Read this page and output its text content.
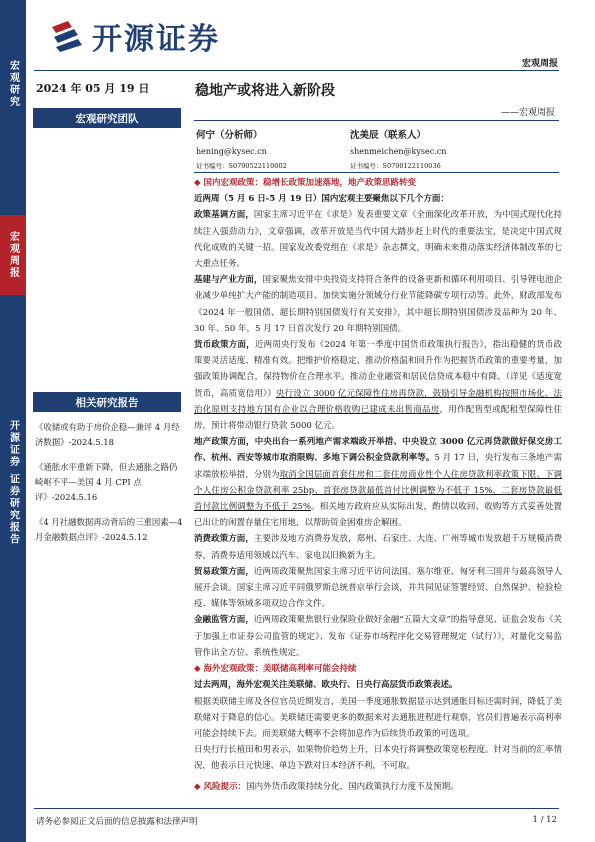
宏观研究
宏观周报
开源证券 证券研究报告
开源证券
宏观周报
2024 年 05 月 19 日
宏观研究团队
相关研究报告
《收储或有助于房价企稳—兼评 4 月经济数据》-2024.5.18
《通胀水平重新下降，但去通胀之路仍崎岖不平—美国 4 月 CPI 点评》-2024.5.16
《4 月社融数据再动背后的三重因素—4 月金融数据点评》-2024.5.12
稳地产或将进入新阶段
——宏观周报
何宁（分析师）
hening@kysec.cn
证书编号：S0790522110002
沈美辰（联系人）
shenmeichen@kysec.cn
证书编号：S0790122110036

◆ 国内宏观政策：稳增长政策加速落地，地产政策思路转变

近两周（5 月 6 日-5 月 19 日）国内宏观主要聚焦以下几个方面：

政策基调方面，国家主席习近平在《求是》发表重要文章《全面深化改革开放，为中国式现代化持续注入强劲动力》，文章强调，改革开放是当代中国大踏步赶上时代的重要法宝，是决定中国式现代化成败的关键一招。国家发改委党组在《求是》杂志撰文，明确未来推动落实经济体制改革的七大重点任务。

基建与产业方面，国家聚焦安排中央投资支持符合条件的设备更新和循环利用项目、引导锂电池企业减少单纯扩大产能的制造项目、加快实施分领域分行业节能降碳专项行动等。此外，财政部发布《2024 年一般国债、超长期特别国债发行有关安排》，其中超长期特别国债涉及品种为 20 年、30 年、50 年，5 月 17 日首次发行 20 年期特别国债。

货币政策方面，近两周央行发布《2024 年第一季度中国货币政策执行报告》，指出稳健的货币政策要灵活适度、精准有效。把维护价格稳定、推动价格温和回升作为把握货币政策的重要考量，加强政策协调配合，保持物价在合理水平。推动企业融资和居民信贷成本稳中有降。（详见《适度宽货币，高质宽信用》）央行设立 3000 亿元保障性住房再贷款，鼓励引导金融机构按照市场化、法治化原则支持地方国有企业以合理价格收购已建成未出售商品房，用作配售型或配租型保障性住房，预计将带动银行贷款 5000 亿元。

地产政策方面，中央出台一系列地产需求端政开举措、中央设立 3000 亿元再贷款做好保交房工作、杭州、西安等城市取消限购、多地下调公积金贷款利率等。5 月 17 日，央行发布三条地产需求端放松举措，分别为取消全国层面首套住房和二套住房商业性个人住房贷款利率政策下限、下调个人住房公积金贷款利率 25bp、首套房贷款最低首付比例调整为不低于 15%，二套房贷款最低首付款比例调整为不低于 25%。相关地方政府应从实际出发，酌情以收回、收购等方式妥善处置已出让的闲置存量住宅用地，以帮助资金困难房企解困。

消费政策方面，主要涉及地方消费券发放，郑州、石家庄、大连、广州等城市发放超千万规模消费券，消费券适用领域以汽车、家电以旧换新为主。

贸易政策方面，近两周政策聚焦国家主席习近平访问法国、塞尔维亚、匈牙利三国并与最高领导人展开会谈。国家主席习近平同俄罗斯总统普京举行会谈，并共同见证签署经贸、自然保护、检验检疫、媒体等领域多项双边合作文件。

金融监管方面，近两周政策聚焦银行业保险业做好金融“五篇大文章”的指导意见、证监会发布《关于加强上市证券公司监管的规定》、发布《证券市场程序化交易管理规定（试行）》，对量化交易监管作出全方位、系统性规定。

◆ 海外宏观政策：美联储高利率可能会持续

过去两周，海外宏观关注美联储、欧央行、日央行高层货币政策表述。

根据美联储主席及各位官员近期发言，美国一季度通胀数据显示达到通胀目标还需时间，降低了美联储对于降息的信心。美联储还需要更多的数据来对去通胀进程进行观察，官员们普遍表示高利率可能会持续下去。而美联储大概率不会将加息作为后续货币政策的可选项。

日央行行长植田和男表示，如果物价趋势上升，日本央行将调整政策宽松程度。针对当前的汇率情况，他表示日元快速、单边下跌对日本经济不利，不可取。

◆ 风险提示：国内外货币政策持续分化，国内政策执行力度不及预期。

请务必参阅正文后面的信息披露和法律声明	1 / 12
